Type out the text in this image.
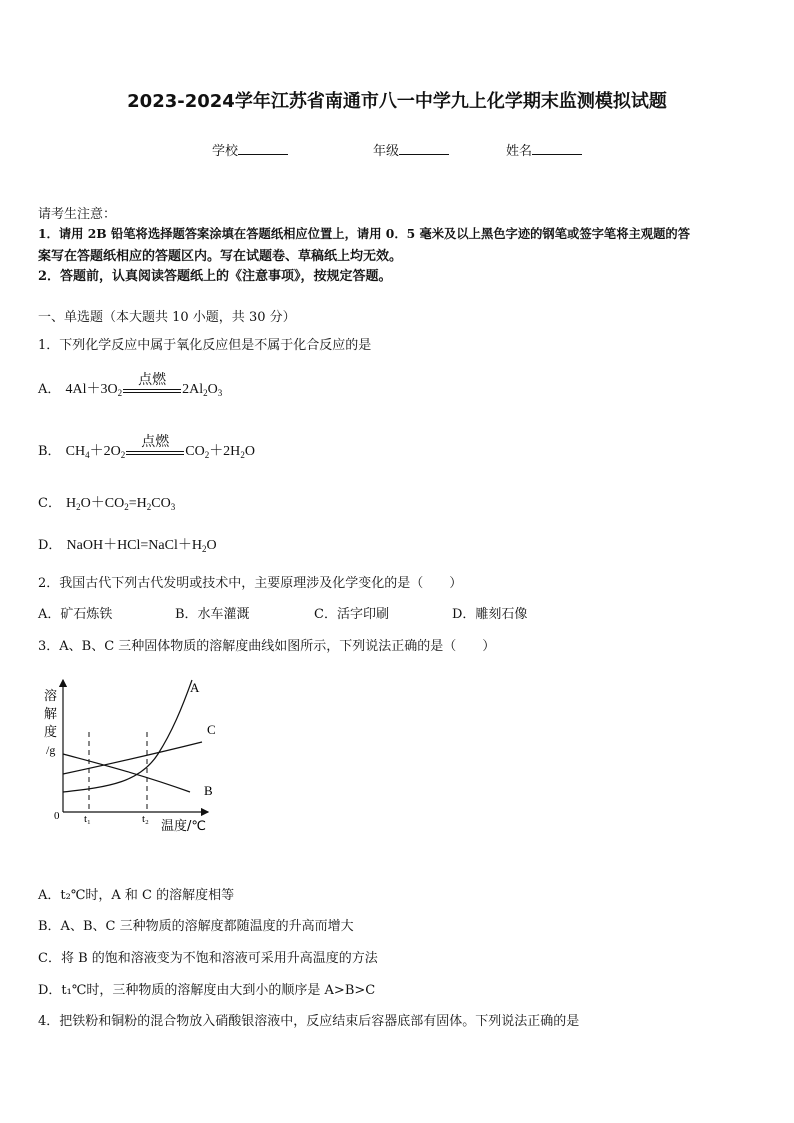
2023-2024学年江苏省南通市八一中学九上化学期末监测模拟试题
学校	年级	姓名
请考生注意：
1．请用 2B 铅笔将选择题答案涂填在答题纸相应位置上，请用 0．5 毫米及以上黑色字迹的钢笔或签字笔将主观题的答
案写在答题纸相应的答题区内。写在试题卷、草稿纸上均无效。
2．答题前，认真阅读答题纸上的《注意事项》，按规定答题。
一、单选题（本大题共 10 小题，共 30 分）
1．下列化学反应中属于氧化反应但是不属于化合反应的是
A． $4Al+3O_2$
点燃
$2Al_2O_3$
B． $CH_4+2O_2$
点燃
$CO_2+2H_2O$
C． $H_2O+CO_2=H_2CO_3$
D． $NaOH+HCl=NaCl+H_2O$
2．我国古代下列古代发明或技术中，主要原理涉及化学变化的是（　　）
A．矿石炼铁	B．水车灌溉	C．活字印刷	D．雕刻石像
3．A、B、C 三种固体物质的溶解度曲线如图所示，下列说法正确的是（　　）
A
C
B
溶
解
度
/g
0 t₁	t₂ 温度/℃
A．t₂℃时，A 和 C 的溶解度相等
B．A、B、C 三种物质的溶解度都随温度的升高而增大
C．将 B 的饱和溶液变为不饱和溶液可采用升高温度的方法
D．t₁℃时，三种物质的溶解度由大到小的顺序是 A>B>C
4．把铁粉和铜粉的混合物放入硝酸银溶液中，反应结束后容器底部有固体。下列说法正确的是
